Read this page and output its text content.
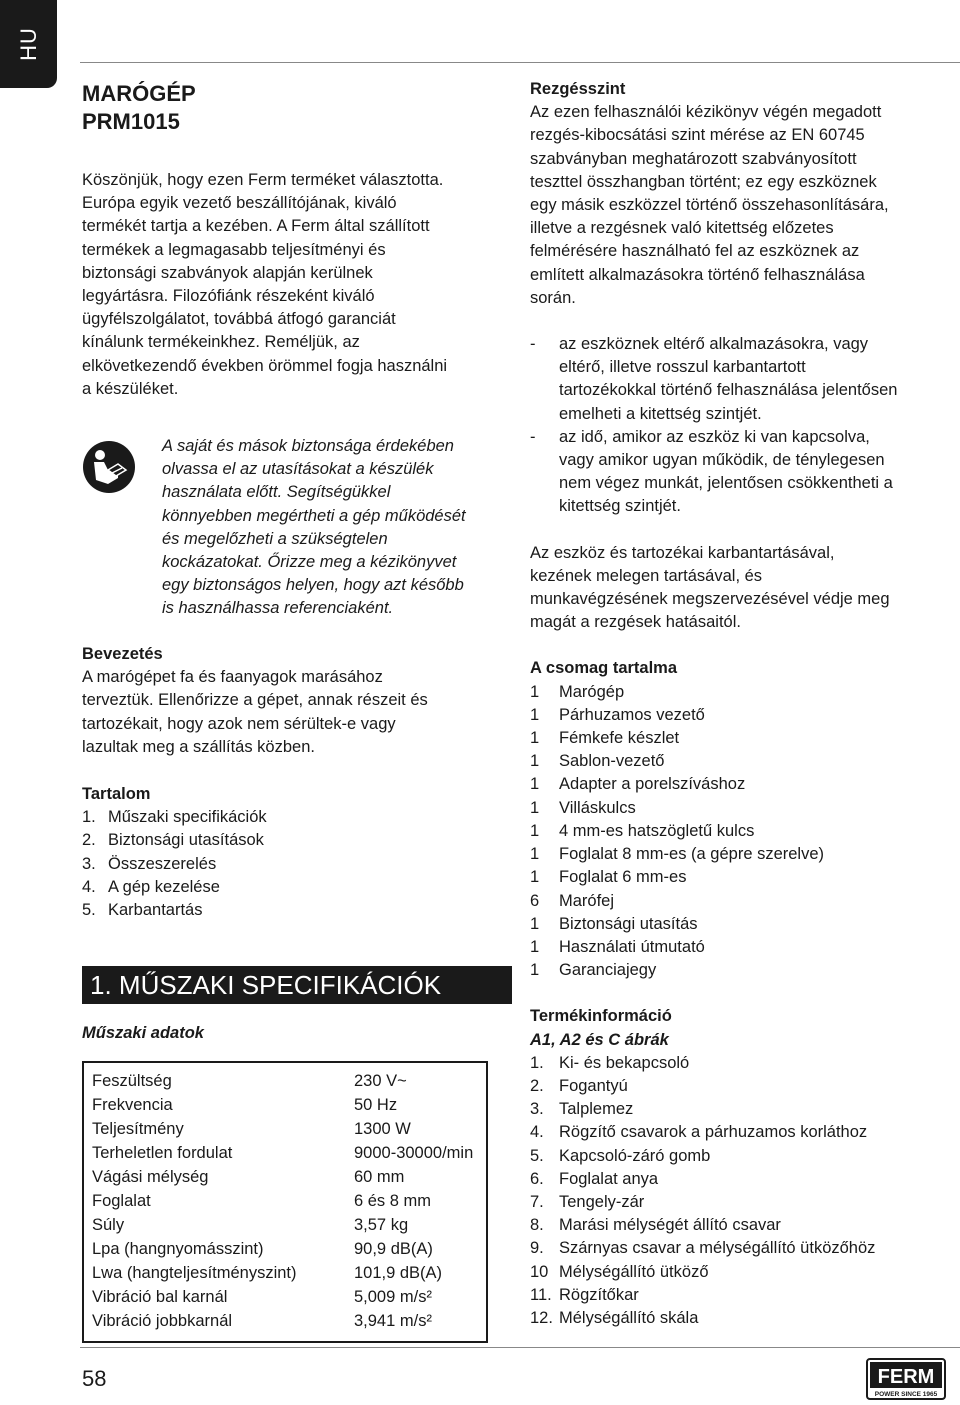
HU
MARÓGÉP
PRM1015
Köszönjük, hogy ezen Ferm terméket választotta.
Európa egyik vezető beszállítójának, kiváló
termékét tartja a kezében. A Ferm által szállított
termékek a legmagasabb teljesítményi és
biztonsági szabványok alapján kerülnek
legyártásra. Filozófiánk részeként kiváló
ügyfélszolgálatot, továbbá átfogó garanciát
kínálunk termékeinkhez. Reméljük, az
elkövetkezendő években örömmel fogja használni
a készüléket.
A saját és mások biztonsága érdekében
olvassa el az utasításokat a készülék
használata előtt. Segítségükkel
könnyebben megértheti a gép működését
és megelőzheti a szükségtelen
kockázatokat. Őrizze meg a kézikönyvet
egy biztonságos helyen, hogy azt később
is használhassa referenciaként.
Bevezetés
A marógépet fa és faanyagok marásához
terveztük. Ellenőrizze a gépet, annak részeit és
tartozékait, hogy azok nem sérültek-e vagy
lazultak meg a szállítás közben.
Tartalom
1. Műszaki specifikációk
2. Biztonsági utasítások
3. Összeszerelés
4. A gép kezelése
5. Karbantartás
1. MŰSZAKI SPECIFIKÁCIÓK
Műszaki adatok
Feszültség	230 V~
Frekvencia	50 Hz
Teljesítmény	1300 W
Terheletlen fordulat	9000-30000/min
Vágási mélység	60 mm
Foglalat	6 és 8 mm
Súly	3,57 kg
Lpa (hangnyomásszint)	90,9 dB(A)
Lwa (hangteljesítményszint)	101,9 dB(A)
Vibráció bal karnál	5,009 m/s²
Vibráció jobbkarnál	3,941 m/s²
Rezgésszint
Az ezen felhasználói kézikönyv végén megadott
rezgés-kibocsátási szint mérése az EN 60745
szabványban meghatározott szabványosított
teszttel összhangban történt; ez egy eszköznek
egy másik eszközzel történő összehasonlítására,
illetve a rezgésnek való kitettség előzetes
felmérésére használható fel az eszköznek az
említett alkalmazásokra történő felhasználása
során.
-	az eszköznek eltérő alkalmazásokra, vagy
eltérő, illetve rosszul karbantartott
tartozékokkal történő felhasználása jelentősen
emelheti a kitettség szintjét.
-	az idő, amikor az eszköz ki van kapcsolva,
vagy amikor ugyan működik, de ténylegesen
nem végez munkát, jelentősen csökkentheti a
kitettség szintjét.
Az eszköz és tartozékai karbantartásával,
kezének melegen tartásával, és
munkavégzésének megszervezésével védje meg
magát a rezgések hatásaitól.
A csomag tartalma
1	Marógép
1	Párhuzamos vezető
1	Fémkefe készlet
1	Sablon-vezető
1	Adapter a porelszíváshoz
1	Villáskulcs
1	4 mm-es hatszögletű kulcs
1	Foglalat 8 mm-es (a gépre szerelve)
1	Foglalat 6 mm-es
6	Marófej
1	Biztonsági utasítás
1	Használati útmutató
1	Garanciajegy
Termékinformáció
A1, A2 és C ábrák
1. Ki- és bekapcsoló
2. Fogantyú
3. Talplemez
4. Rögzítő csavarok a párhuzamos korláthoz
5. Kapcsoló-záró gomb
6. Foglalat anya
7. Tengely-zár
8. Marási mélységét állító csavar
9. Szárnyas csavar a mélységállító ütközőhöz
10 Mélységállító ütköző
11. Rögzítőkar
12. Mélységállító skála
58	FERM
POWER SINCE 1965
